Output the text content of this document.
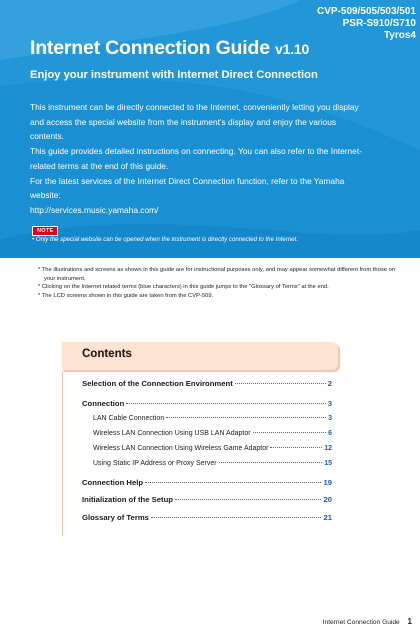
CVP-509/505/503/501
PSR-S910/S710
Tyros4
Internet Connection Guide v1.10
Enjoy your instrument with Internet Direct Connection

This instrument can be directly connected to the Internet, conveniently letting you display and access the special website from the instrument's display and enjoy the various contents.

This guide provides detailed instructions on connecting. You can also refer to the Internet-related terms at the end of this guide.

For the latest services of the Internet Direct Connection function, refer to the Yamaha website:

http://services.music.yamaha.com/
NOTE
• Only the special website can be opened when the instrument is directly connected to the Internet.
* The illustrations and screens as shown in this guide are for instructional purposes only, and may appear somewhat different from those on your instrument.
* Clicking on the Internet related terms (blue characters) in this guide jumps to the "Glossary of Terms" at the end.
* The LCD screens shown in this guide are taken from the CVP-509.
Contents
Selection of the Connection Environment	2
Connection	3
LAN Cable Connection	3
Wireless LAN Connection Using USB LAN Adaptor	6
Wireless LAN Connection Using Wireless Game Adaptor	12
Using Static IP Address or Proxy Server	15
Connection Help	19
Initialization of the Setup	20
Glossary of Terms	21
Internet Connection Guide 1
